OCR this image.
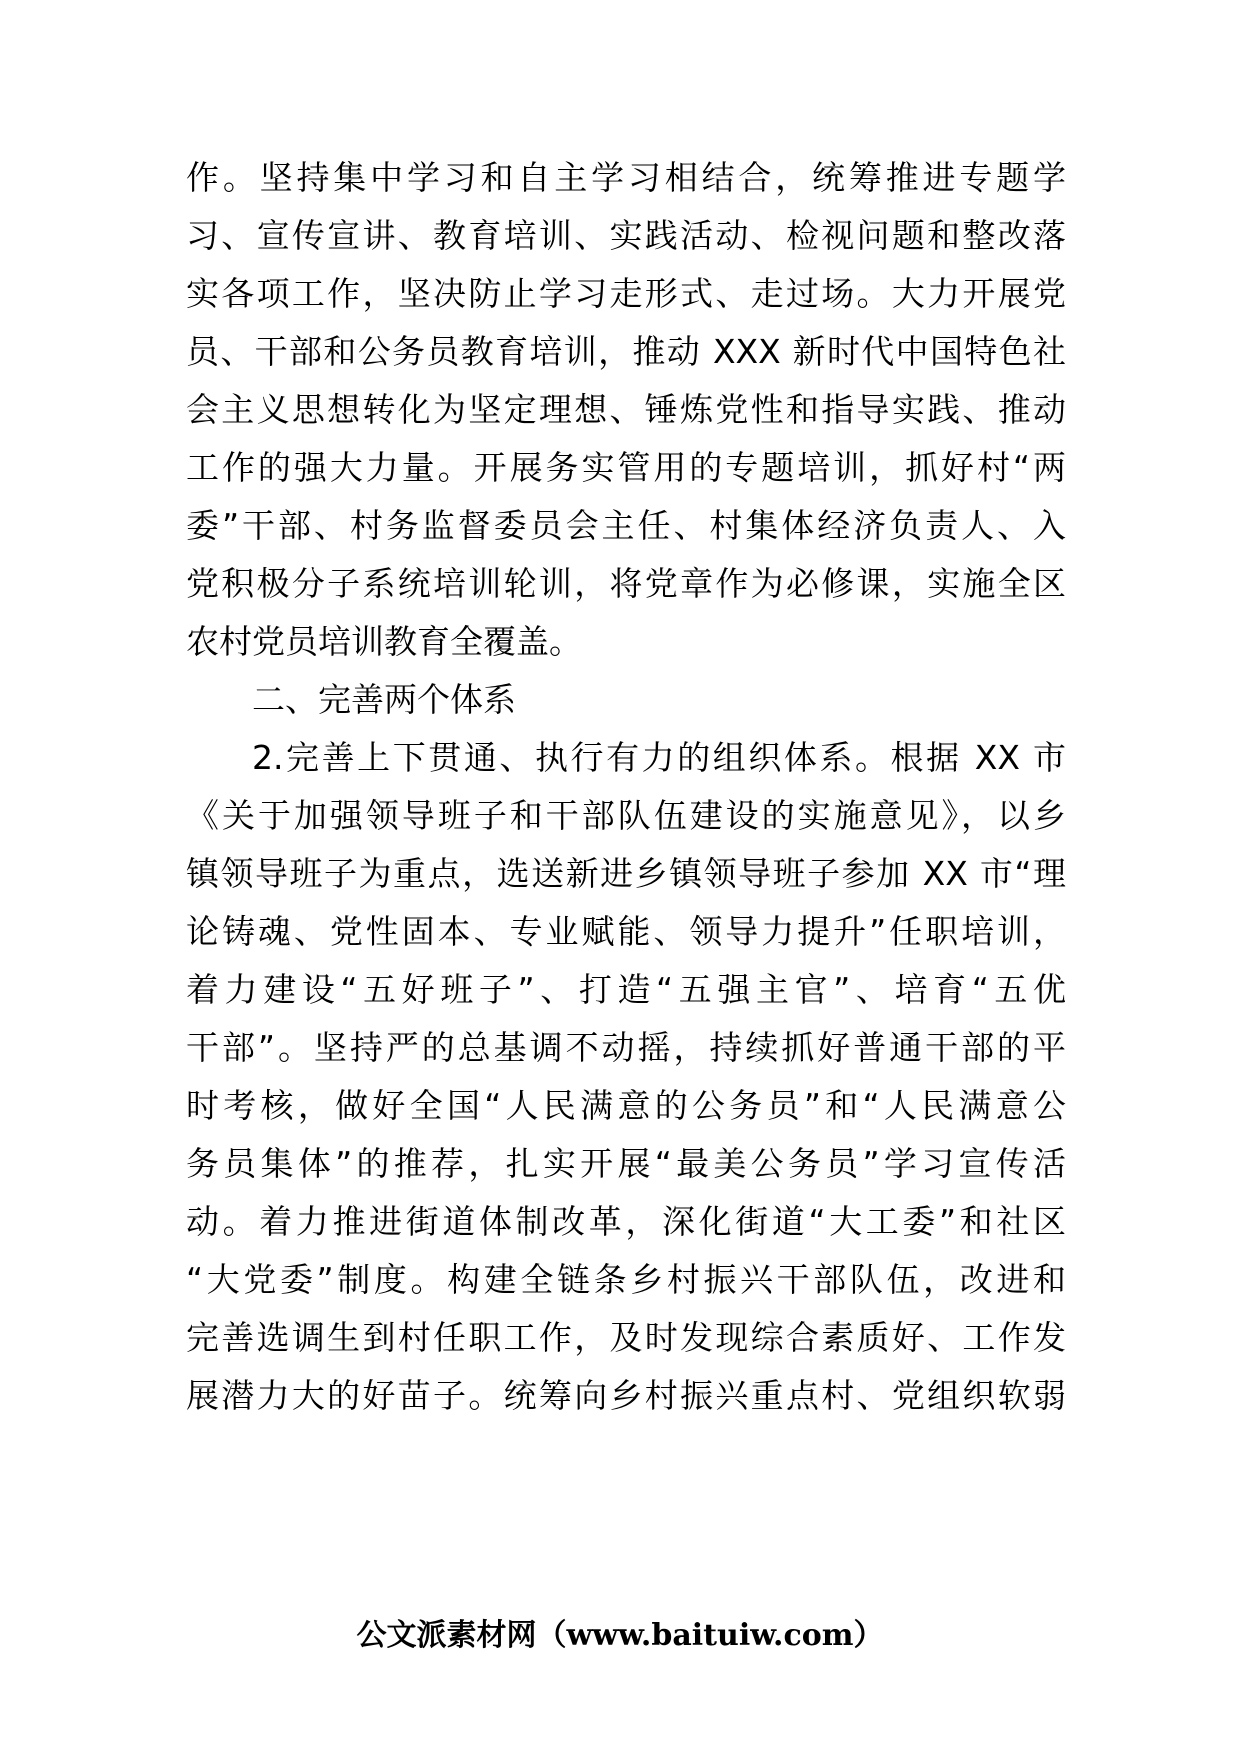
作。坚持集中学习和自主学习相结合，统筹推进专题学
习、宣传宣讲、教育培训、实践活动、检视问题和整改落
实各项工作，坚决防止学习走形式、走过场。大力开展党
员、干部和公务员教育培训，推动 XXX 新时代中国特色社
会主义思想转化为坚定理想、锤炼党性和指导实践、推动
工作的强大力量。开展务实管用的专题培训，抓好村“两
委”干部、村务监督委员会主任、村集体经济负责人、入
党积极分子系统培训轮训，将党章作为必修课，实施全区
农村党员培训教育全覆盖。
二、完善两个体系
2.完善上下贯通、执行有力的组织体系。根据 XX 市
《关于加强领导班子和干部队伍建设的实施意见》，以乡
镇领导班子为重点，选送新进乡镇领导班子参加 XX 市“理
论铸魂、党性固本、专业赋能、领导力提升”任职培训，
着力建设“五好班子”、打造“五强主官”、培育“五优
干部”。坚持严的总基调不动摇，持续抓好普通干部的平
时考核，做好全国“人民满意的公务员”和“人民满意公
务员集体”的推荐，扎实开展“最美公务员”学习宣传活
动。着力推进街道体制改革，深化街道“大工委”和社区
“大党委”制度。构建全链条乡村振兴干部队伍，改进和
完善选调生到村任职工作，及时发现综合素质好、工作发
展潜力大的好苗子。统筹向乡村振兴重点村、党组织软弱
公文派素材网（www.baituiw.com）
